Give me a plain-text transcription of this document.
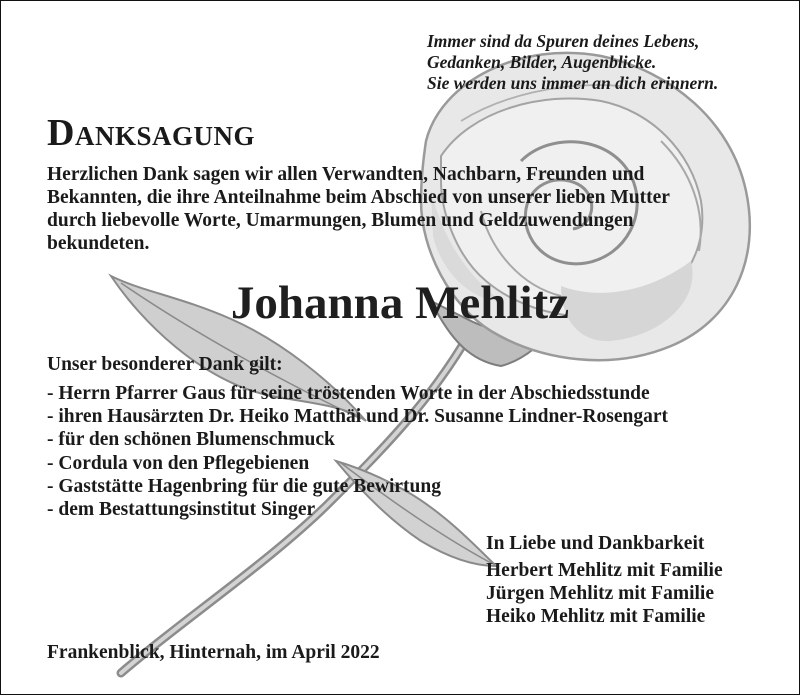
Immer sind da Spuren deines Lebens,
Gedanken, Bilder, Augenblicke.
Sie werden uns immer an dich erinnern.
Danksagung
Herzlichen Dank sagen wir allen Verwandten, Nachbarn, Freunden und
Bekannten, die ihre Anteilnahme beim Abschied von unserer lieben Mutter
durch liebevolle Worte, Umarmungen, Blumen und Geldzuwendungen
bekundeten.
Johanna Mehlitz
Unser besonderer Dank gilt:
- Herrn Pfarrer Gaus für seine tröstenden Worte in der Abschiedsstunde
- ihren Hausärzten Dr. Heiko Matthäi und Dr. Susanne Lindner-Rosengart
- für den schönen Blumenschmuck
- Cordula von den Pflegebienen
- Gaststätte Hagenbring für die gute Bewirtung
- dem Bestattungsinstitut Singer
In Liebe und Dankbarkeit
Herbert Mehlitz mit Familie
Jürgen Mehlitz mit Familie
Heiko Mehlitz mit Familie
Frankenblick, Hinternah, im April 2022
